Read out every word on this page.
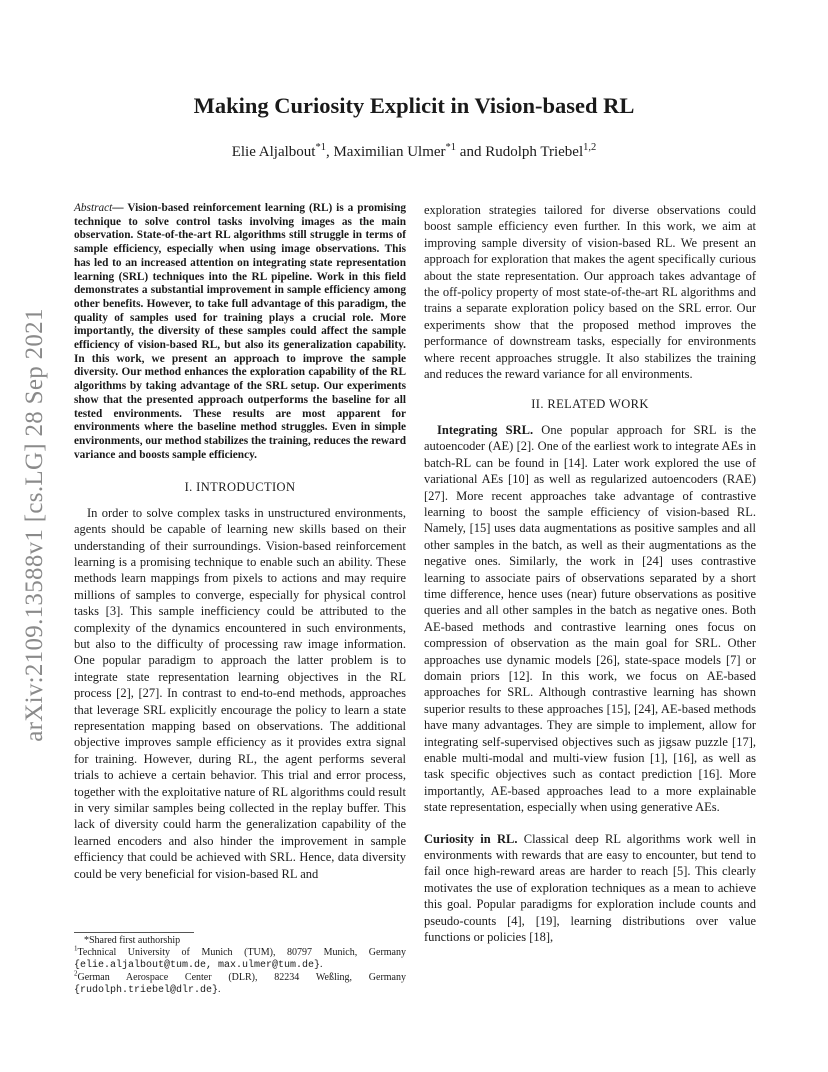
arXiv:2109.13588v1 [cs.LG] 28 Sep 2021
Making Curiosity Explicit in Vision-based RL
Elie Aljalbout$^{*1}$, Maximilian Ulmer$^{*1}$ and Rudolph Triebel$^{1,2}$
Abstract— Vision-based reinforcement learning (RL) is a promising technique to solve control tasks involving images as the main observation. State-of-the-art RL algorithms still struggle in terms of sample efficiency, especially when using image observations. This has led to an increased attention on integrating state representation learning (SRL) techniques into the RL pipeline. Work in this field demonstrates a substantial improvement in sample efficiency among other benefits. However, to take full advantage of this paradigm, the quality of samples used for training plays a crucial role. More importantly, the diversity of these samples could affect the sample efficiency of vision-based RL, but also its generalization capability. In this work, we present an approach to improve the sample diversity. Our method enhances the exploration capability of the RL algorithms by taking advantage of the SRL setup. Our experiments show that the presented approach outperforms the baseline for all tested environments. These results are most apparent for environments where the baseline method struggles. Even in simple environments, our method stabilizes the training, reduces the reward variance and boosts sample efficiency.
I. INTRODUCTION

In order to solve complex tasks in unstructured environments, agents should be capable of learning new skills based on their understanding of their surroundings. Vision-based reinforcement learning is a promising technique to enable such an ability. These methods learn mappings from pixels to actions and may require millions of samples to converge, especially for physical control tasks [3]. This sample inefficiency could be attributed to the complexity of the dynamics encountered in such environments, but also to the difficulty of processing raw image information. One popular paradigm to approach the latter problem is to integrate state representation learning objectives in the RL process [2], [27]. In contrast to end-to-end methods, approaches that leverage SRL explicitly encourage the policy to learn a state representation mapping based on observations. The additional objective improves sample efficiency as it provides extra signal for training. However, during RL, the agent performs several trials to achieve a certain behavior. This trial and error process, together with the exploitative nature of RL algorithms could result in very similar samples being collected in the replay buffer. This lack of diversity could harm the generalization capability of the learned encoders and also hinder the improvement in sample efficiency that could be achieved with SRL. Hence, data diversity could be very beneficial for vision-based RL and

*Shared first authorship
$^1$Technical University of Munich (TUM), 80797 Munich, Germany {elie.aljalbout@tum.de, max.ulmer@tum.de}.
$^2$German Aerospace Center (DLR), 82234 Weßling, Germany {rudolph.triebel@dlr.de}.

exploration strategies tailored for diverse observations could boost sample efficiency even further. In this work, we aim at improving sample diversity of vision-based RL. We present an approach for exploration that makes the agent specifically curious about the state representation. Our approach takes advantage of the off-policy property of most state-of-the-art RL algorithms and trains a separate exploration policy based on the SRL error. Our experiments show that the proposed method improves the performance of downstream tasks, especially for environments where recent approaches struggle. It also stabilizes the training and reduces the reward variance for all environments.

II. RELATED WORK

Integrating SRL. One popular approach for SRL is the autoencoder (AE) [2]. One of the earliest work to integrate AEs in batch-RL can be found in [14]. Later work explored the use of variational AEs [10] as well as regularized autoencoders (RAE) [27]. More recent approaches take advantage of contrastive learning to boost the sample efficiency of vision-based RL. Namely, [15] uses data augmentations as positive samples and all other samples in the batch, as well as their augmentations as the negative ones. Similarly, the work in [24] uses contrastive learning to associate pairs of observations separated by a short time difference, hence uses (near) future observations as positive queries and all other samples in the batch as negative ones. Both AE-based methods and contrastive learning ones focus on compression of observation as the main goal for SRL. Other approaches use dynamic models [26], state-space models [7] or domain priors [12]. In this work, we focus on AE-based approaches for SRL. Although contrastive learning has shown superior results to these approaches [15], [24], AE-based methods have many advantages. They are simple to implement, allow for integrating self-supervised objectives such as jigsaw puzzle [17], enable multi-modal and multi-view fusion [1], [16], as well as task specific objectives such as contact prediction [16]. More importantly, AE-based approaches lead to a more explainable state representation, especially when using generative AEs.

Curiosity in RL. Classical deep RL algorithms work well in environments with rewards that are easy to encounter, but tend to fail once high-reward areas are harder to reach [5]. This clearly motivates the use of exploration techniques as a mean to achieve this goal. Popular paradigms for exploration include counts and pseudo-counts [4], [19], learning distributions over value functions or policies [18],
